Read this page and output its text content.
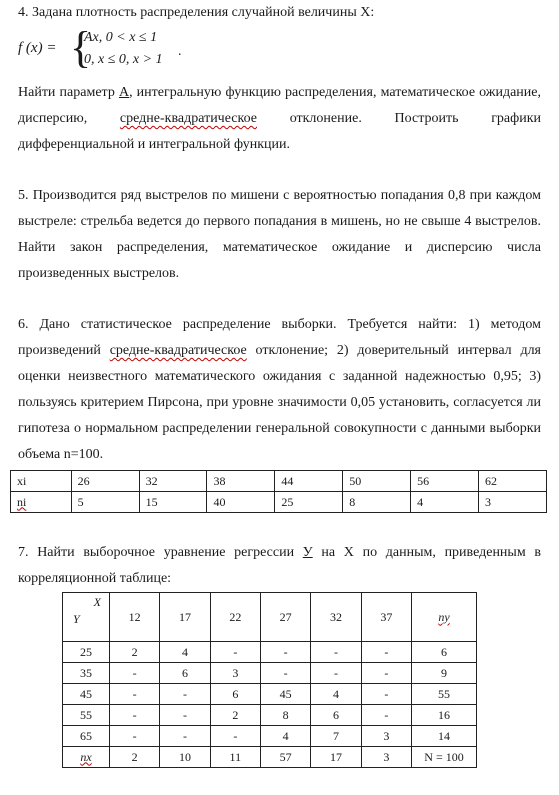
4. Задана плотность распределения случайной величины X:
f (x) = {
Ax, 0 < x ≤ 1
0, x ≤ 0, x > 1
.
Найти параметр А, интегральную функцию распределения, математическое ожидание, дисперсию, средне-квадратическое отклонение. Построить графики дифференциальной и интегральной функции.
5. Производится ряд выстрелов по мишени с вероятностью попадания 0,8 при каждом выстреле: стрельба ведется до первого попадания в мишень, но не свыше 4 выстрелов. Найти закон распределения, математическое ожидание и дисперсию числа произведенных выстрелов.
6. Дано статистическое распределение выборки. Требуется найти: 1) методом произведений средне-квадратическое отклонение; 2) доверительный интервал для оценки неизвестного математического ожидания с заданной надежностью 0,95; 3) пользуясь критерием Пирсона, при уровне значимости 0,05 установить, согласуется ли гипотеза о нормальном распределении генеральной совокупности с данными выборки объема n=100.
xi	26	32	38	44	50	56	62
ni	5	15	40	25	8	4	3
7. Найти выборочное уравнение регрессии У на X по данным, приведенным в корреляционной таблице:
X
Y	12	17	22	27	32	37	ny
25	2	4	-	-	-	-	6
35	-	6	3	-	-	-	9
45	-	-	6	45	4	-	55
55	-	-	2	8	6	-	16
65	-	-	-	4	7	3	14
nx	2	10	11	57	17	3	N = 100
